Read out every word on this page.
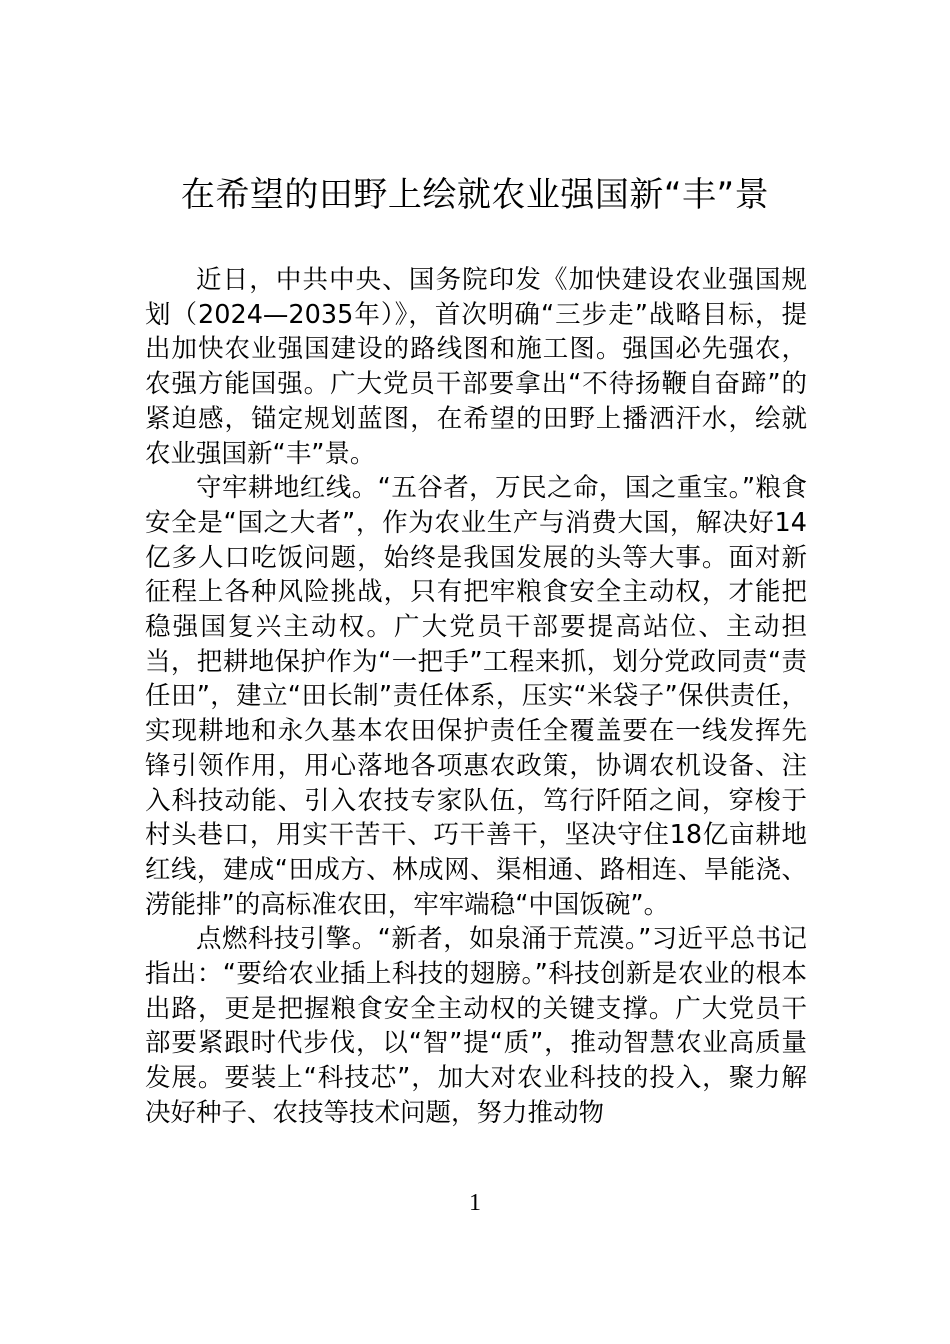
在希望的田野上绘就农业强国新“丰”景

近日，中共中央、国务院印发《加快建设农业强国规划（2024—2035年）》，首次明确“三步走”战略目标，提出加快农业强国建设的路线图和施工图。强国必先强农，农强方能国强。广大党员干部要拿出“不待扬鞭自奋蹄”的紧迫感，锚定规划蓝图，在希望的田野上播洒汗水，绘就农业强国新“丰”景。

守牢耕地红线。“五谷者，万民之命，国之重宝。”粮食安全是“国之大者”，作为农业生产与消费大国，解决好14亿多人口吃饭问题，始终是我国发展的头等大事。面对新征程上各种风险挑战，只有把牢粮食安全主动权，才能把稳强国复兴主动权。广大党员干部要提高站位、主动担当，把耕地保护作为“一把手”工程来抓，划分党政同责“责任田”，建立“田长制”责任体系，压实“米袋子”保供责任，实现耕地和永久基本农田保护责任全覆盖要在一线发挥先锋引领作用，用心落地各项惠农政策，协调农机设备、注入科技动能、引入农技专家队伍，笃行阡陌之间，穿梭于村头巷口，用实干苦干、巧干善干，坚决守住18亿亩耕地红线，建成“田成方、林成网、渠相通、路相连、旱能浇、涝能排”的高标准农田，牢牢端稳“中国饭碗”。

点燃科技引擎。“新者，如泉涌于荒漠。”习近平总书记指出：“要给农业插上科技的翅膀。”科技创新是农业的根本出路，更是把握粮食安全主动权的关键支撑。广大党员干部要紧跟时代步伐，以“智”提“质”，推动智慧农业高质量发展。要装上“科技芯”，加大对农业科技的投入，聚力解决好种子、农技等技术问题，努力推动物

1
